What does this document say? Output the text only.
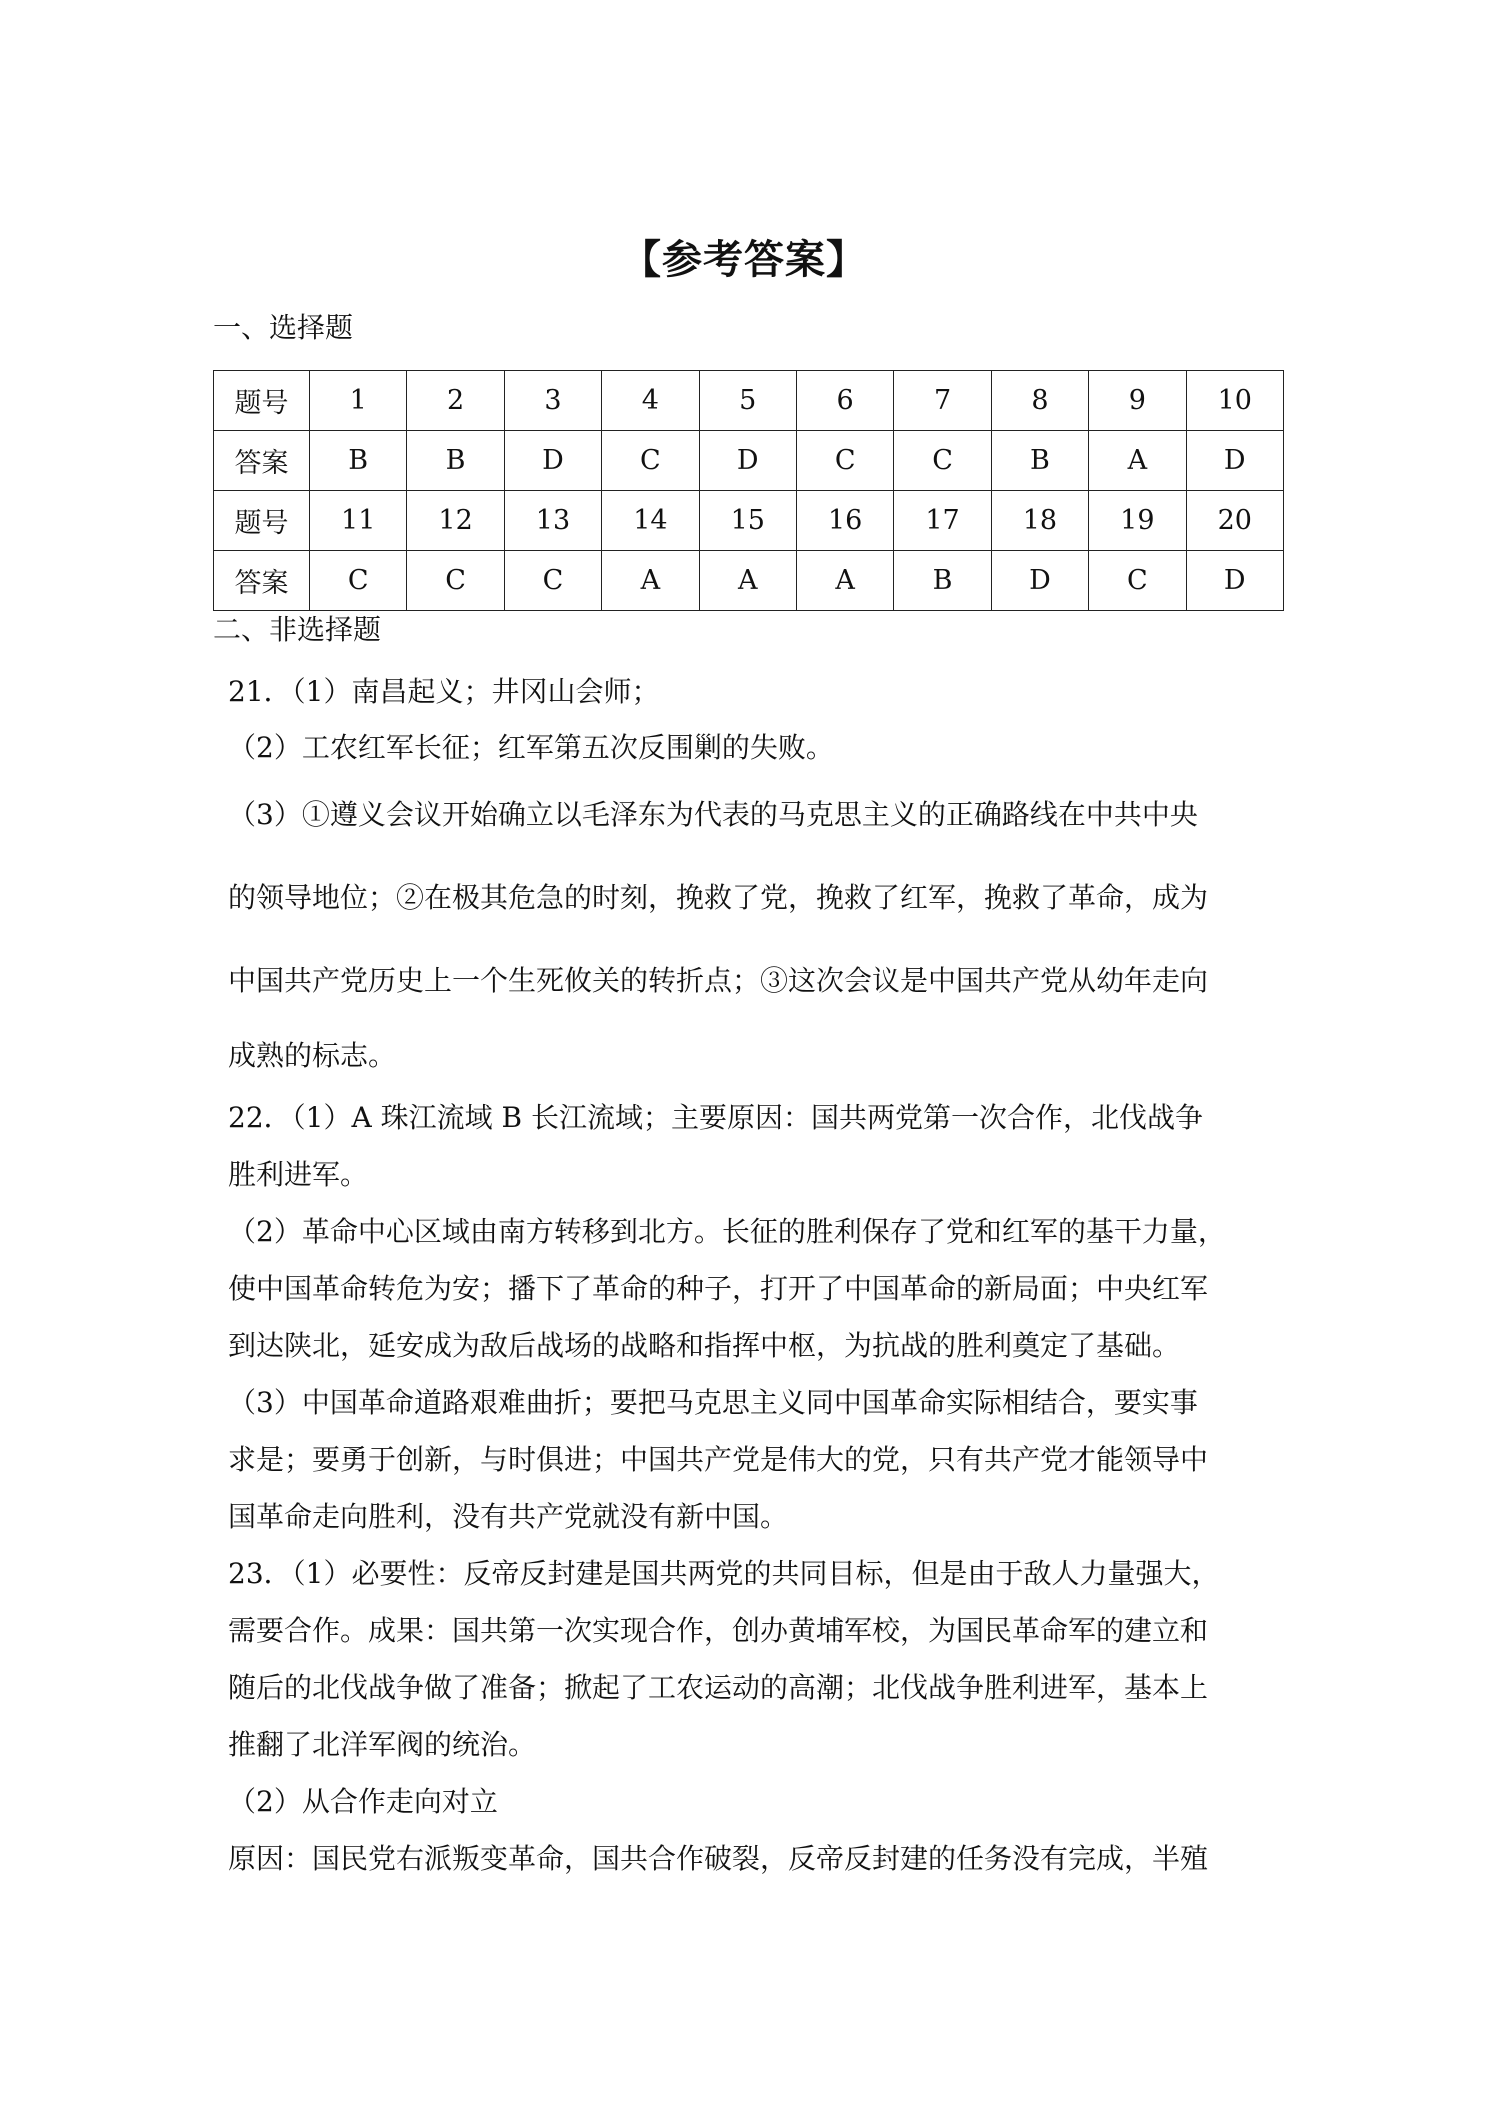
【参考答案】
一、选择题
题号	1	2	3	4	5	6	7	8	9	10
答案	B	B	D	C	D	C	C	B	A	D
题号	11	12	13	14	15	16	17	18	19	20
答案	C	C	C	A	A	A	B	D	C	D
二、非选择题
21．（1）南昌起义；井冈山会师；
（2）工农红军长征；红军第五次反围剿的失败。
（3）①遵义会议开始确立以毛泽东为代表的马克思主义的正确路线在中共中央
的领导地位；②在极其危急的时刻，挽救了党，挽救了红军，挽救了革命，成为
中国共产党历史上一个生死攸关的转折点；③这次会议是中国共产党从幼年走向
成熟的标志。
22．（1）A 珠江流域 B 长江流域；主要原因：国共两党第一次合作，北伐战争
胜利进军。
（2）革命中心区域由南方转移到北方。长征的胜利保存了党和红军的基干力量，
使中国革命转危为安；播下了革命的种子，打开了中国革命的新局面；中央红军
到达陕北，延安成为敌后战场的战略和指挥中枢，为抗战的胜利奠定了基础。
（3）中国革命道路艰难曲折；要把马克思主义同中国革命实际相结合，要实事
求是；要勇于创新，与时俱进；中国共产党是伟大的党，只有共产党才能领导中
国革命走向胜利，没有共产党就没有新中国。
23．（1）必要性：反帝反封建是国共两党的共同目标，但是由于敌人力量强大，
需要合作。成果：国共第一次实现合作，创办黄埔军校，为国民革命军的建立和
随后的北伐战争做了准备；掀起了工农运动的高潮；北伐战争胜利进军，基本上
推翻了北洋军阀的统治。
（2）从合作走向对立
原因：国民党右派叛变革命，国共合作破裂，反帝反封建的任务没有完成，半殖
